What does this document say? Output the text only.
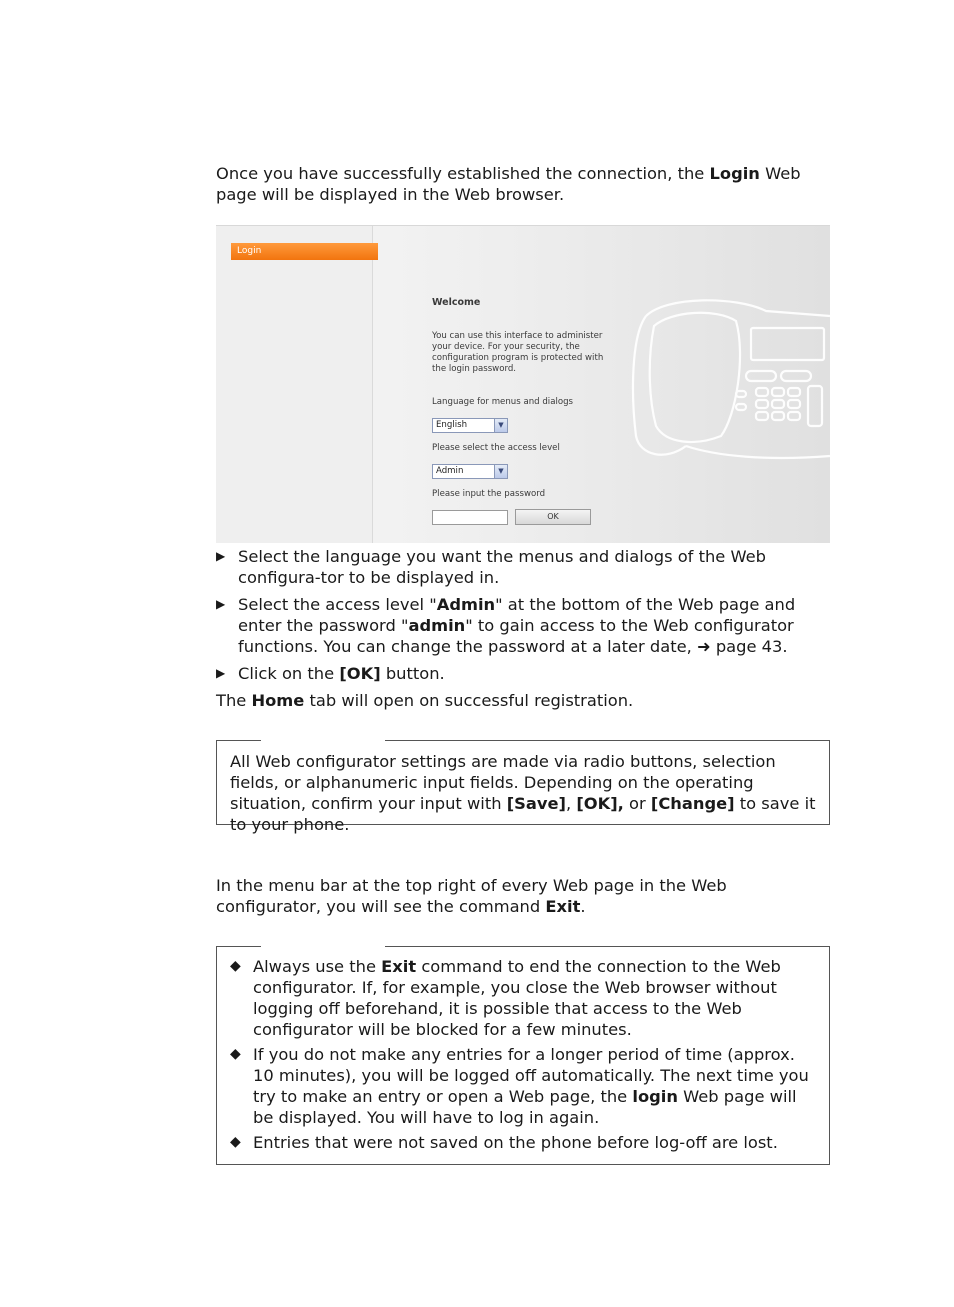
Once you have successfully established the connection, the Login Web page will be displayed in the Web browser.

Login
Welcome
You can use this interface to administer
your device. For your security, the
configuration program is protected with
the login password.
Language for menus and dialogs
English	▼
Please select the access level
Admin	▼
Please input the password
OK
▶ Select the language you want the menus and dialogs of the Web configura-tor to be displayed in.
▶ Select the access level "Admin" at the bottom of the Web page and enter the password "admin" to gain access to the Web configurator functions. You can change the password at a later date, ➜ page 43.
▶ Click on the [OK] button.

The Home tab will open on successful registration.

All Web configurator settings are made via radio buttons, selection fields, or alphanumeric input fields. Depending on the operating situation, confirm your input with [Save], [OK], or [Change] to save it to your phone.

In the menu bar at the top right of every Web page in the Web configurator, you will see the command Exit.

◆ Always use the Exit command to end the connection to the Web configurator. If, for example, you close the Web browser without logging off beforehand, it is possible that access to the Web configurator will be blocked for a few minutes.
◆ If you do not make any entries for a longer period of time (approx. 10 minutes), you will be logged off automatically. The next time you try to make an entry or open a Web page, the login Web page will be displayed. You will have to log in again.
◆ Entries that were not saved on the phone before log-off are lost.
